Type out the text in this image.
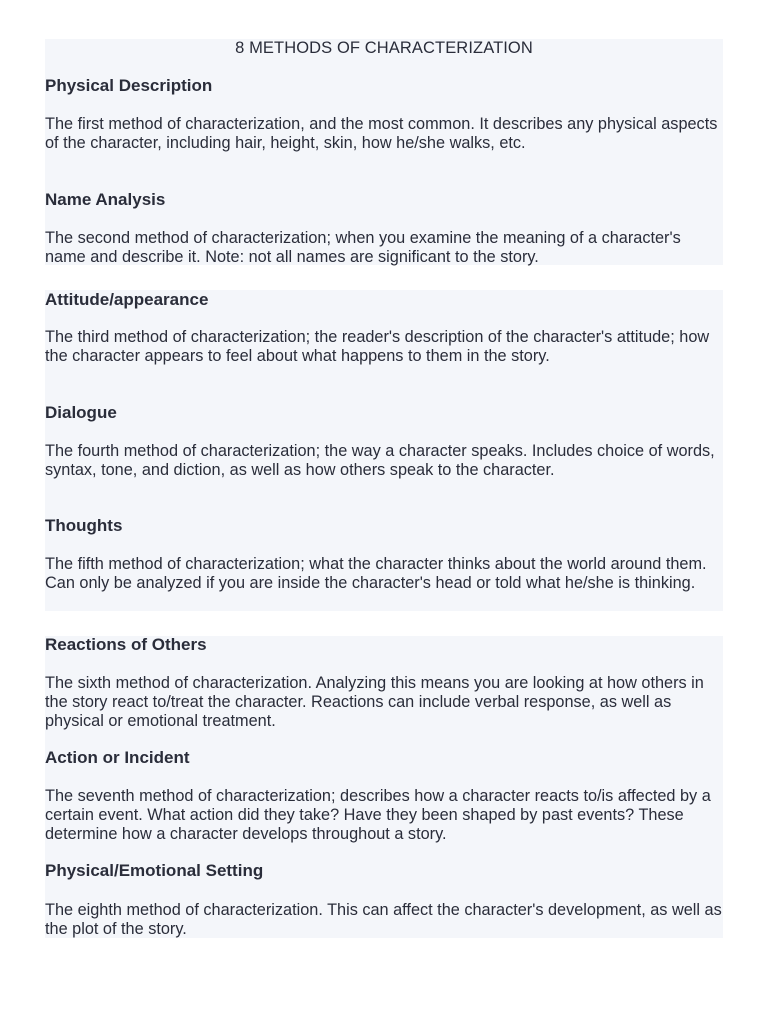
8 METHODS OF CHARACTERIZATION
Physical Description
The first method of characterization, and the most common. It describes any physical aspects of the character, including hair, height, skin, how he/she walks, etc.
Name Analysis
The second method of characterization; when you examine the meaning of a character's name and describe it. Note: not all names are significant to the story.
Attitude/appearance
The third method of characterization; the reader's description of the character's attitude; how the character appears to feel about what happens to them in the story.
Dialogue
The fourth method of characterization; the way a character speaks. Includes choice of words, syntax, tone, and diction, as well as how others speak to the character.
Thoughts
The fifth method of characterization; what the character thinks about the world around them. Can only be analyzed if you are inside the character's head or told what he/she is thinking.
Reactions of Others
The sixth method of characterization. Analyzing this means you are looking at how others in the story react to/treat the character. Reactions can include verbal response, as well as physical or emotional treatment.
Action or Incident
The seventh method of characterization; describes how a character reacts to/is affected by a certain event. What action did they take? Have they been shaped by past events? These determine how a character develops throughout a story.
Physical/Emotional Setting
The eighth method of characterization. This can affect the character's development, as well as the plot of the story.
